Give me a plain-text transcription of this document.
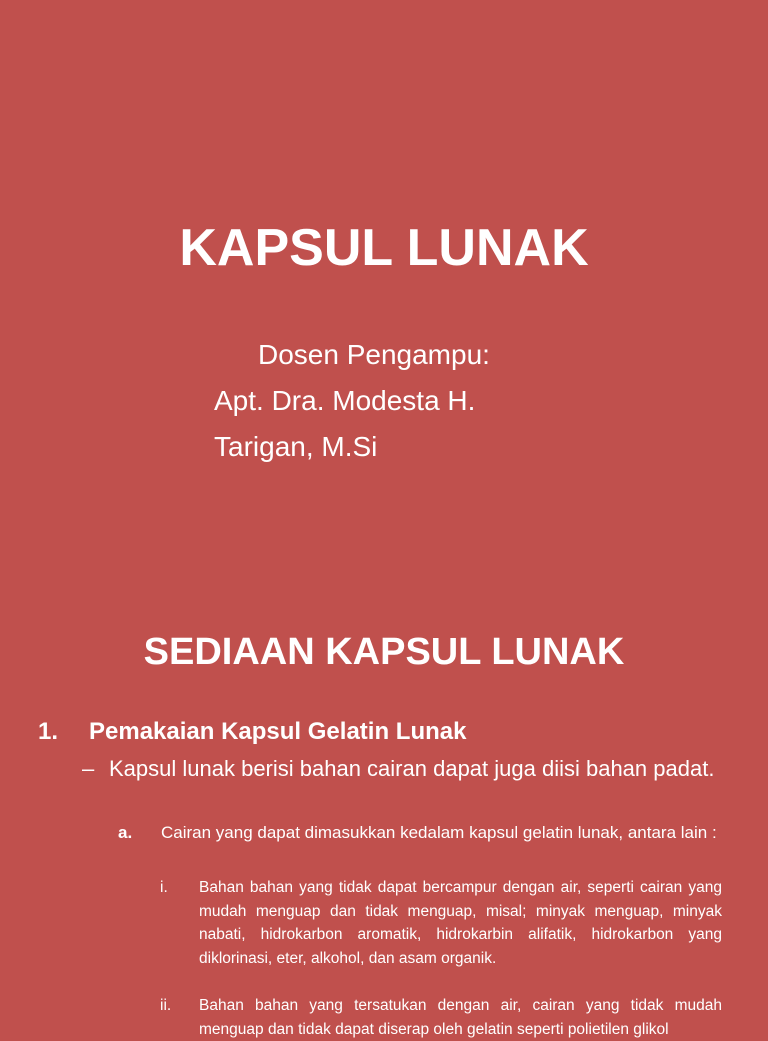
KAPSUL LUNAK
Dosen Pengampu:
Apt. Dra. Modesta H.
Tarigan, M.Si
SEDIAAN KAPSUL LUNAK
1. Pemakaian Kapsul Gelatin Lunak
– Kapsul lunak berisi bahan cairan dapat juga diisi bahan padat.
a. Cairan yang dapat dimasukkan kedalam kapsul gelatin lunak, antara lain :
i. Bahan bahan yang tidak dapat bercampur dengan air, seperti cairan yang mudah menguap dan tidak menguap, misal; minyak menguap, minyak nabati, hidrokarbon aromatik, hidrokarbin alifatik, hidrokarbon yang diklorinasi, eter, alkohol, dan asam organik.
ii. Bahan bahan yang tersatukan dengan air, cairan yang tidak mudah menguap dan tidak dapat diserap oleh gelatin seperti polietilen glikol
